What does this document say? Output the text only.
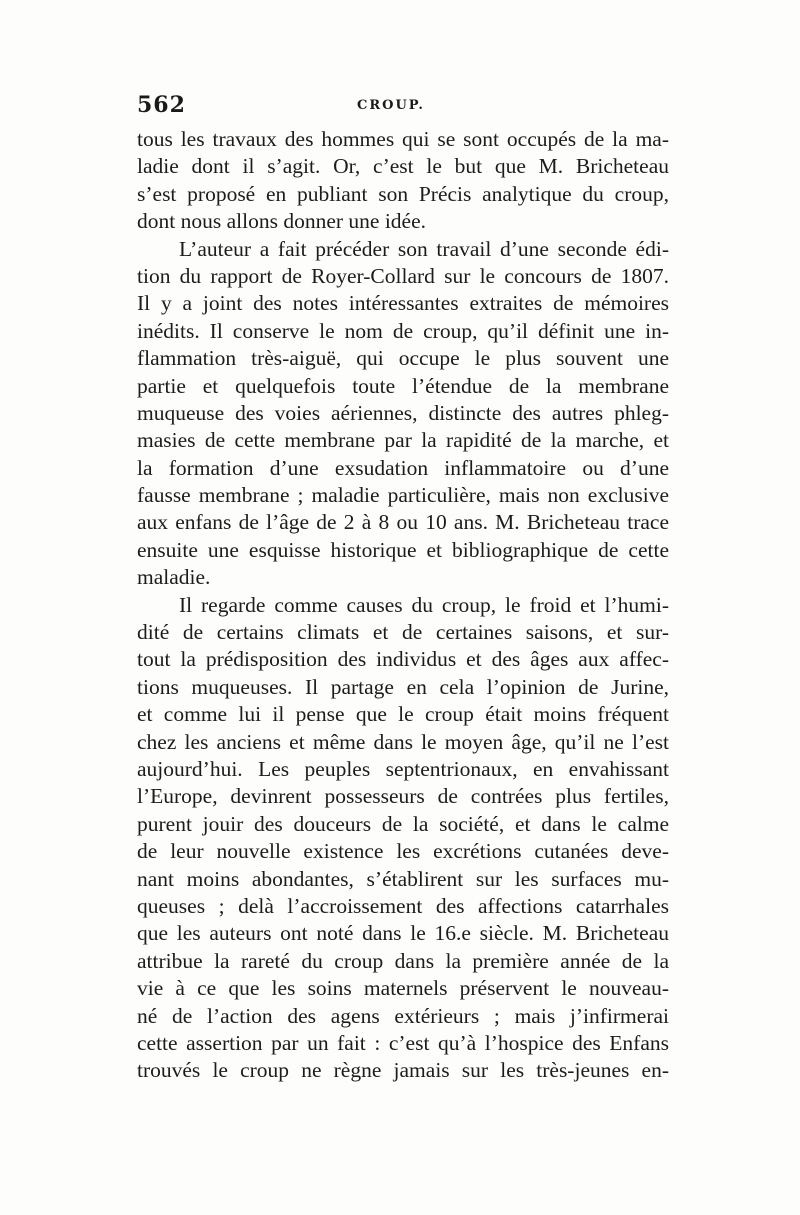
562	CROUP.
tous les travaux des hommes qui se sont occupés de la ma-
ladie dont il s’agit. Or, c’est le but que M. Bricheteau
s’est proposé en publiant son Précis analytique du croup,
dont nous allons donner une idée.
L’auteur a fait précéder son travail d’une seconde édi-
tion du rapport de Royer-Collard sur le concours de 1807.
Il y a joint des notes intéressantes extraites de mémoires
inédits. Il conserve le nom de croup, qu’il définit une in-
flammation très-aiguë, qui occupe le plus souvent une
partie et quelquefois toute l’étendue de la membrane
muqueuse des voies aériennes, distincte des autres phleg-
masies de cette membrane par la rapidité de la marche, et
la formation d’une exsudation inflammatoire ou d’une
fausse membrane ; maladie particulière, mais non exclusive
aux enfans de l’âge de 2 à 8 ou 10 ans. M. Bricheteau trace
ensuite une esquisse historique et bibliographique de cette
maladie.
Il regarde comme causes du croup, le froid et l’humi-
dité de certains climats et de certaines saisons, et sur-
tout la prédisposition des individus et des âges aux affec-
tions muqueuses. Il partage en cela l’opinion de Jurine,
et comme lui il pense que le croup était moins fréquent
chez les anciens et même dans le moyen âge, qu’il ne l’est
aujourd’hui. Les peuples septentrionaux, en envahissant
l’Europe, devinrent possesseurs de contrées plus fertiles,
purent jouir des douceurs de la société, et dans le calme
de leur nouvelle existence les excrétions cutanées deve-
nant moins abondantes, s’établirent sur les surfaces mu-
queuses ; delà l’accroissement des affections catarrhales
que les auteurs ont noté dans le 16.e siècle. M. Bricheteau
attribue la rareté du croup dans la première année de la
vie à ce que les soins maternels préservent le nouveau-
né de l’action des agens extérieurs ; mais j’infirmerai
cette assertion par un fait : c’est qu’à l’hospice des Enfans
trouvés le croup ne règne jamais sur les très-jeunes en-
